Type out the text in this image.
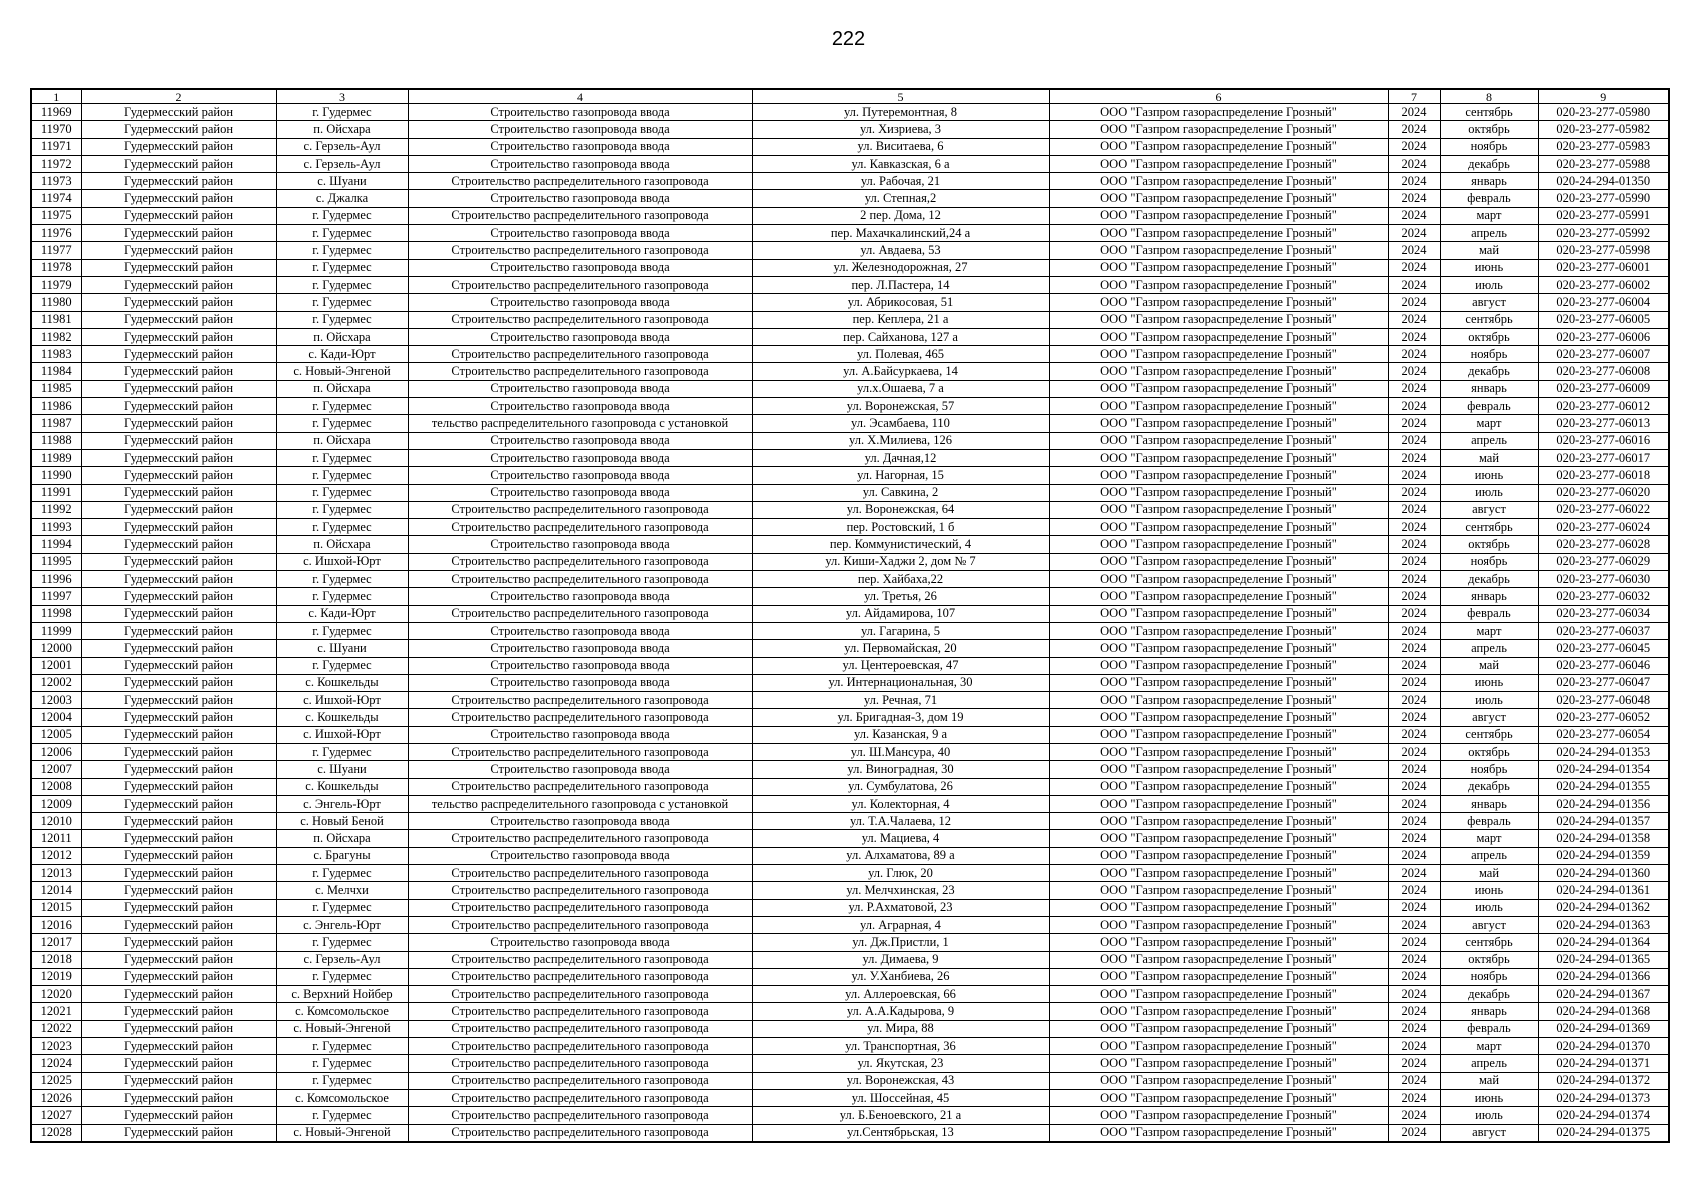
222
1	2	3	4	5	6	7	8	9
11969	Гудермесский район	г. Гудермес	Строительство газопровода ввода	ул. Путеремонтная, 8	ООО "Газпром газораспределение Грозный"	2024	сентябрь	020-23-277-05980
11970	Гудермесский район	п. Ойсхара	Строительство газопровода ввода	ул. Хизриева, 3	ООО "Газпром газораспределение Грозный"	2024	октябрь	020-23-277-05982
11971	Гудермесский район	с. Герзель-Аул	Строительство газопровода ввода	ул. Виситаева, 6	ООО "Газпром газораспределение Грозный"	2024	ноябрь	020-23-277-05983
11972	Гудермесский район	с. Герзель-Аул	Строительство газопровода ввода	ул. Кавказская, 6 а	ООО "Газпром газораспределение Грозный"	2024	декабрь	020-23-277-05988
11973	Гудермесский район	с. Шуани	Строительство распределительного газопровода	ул. Рабочая, 21	ООО "Газпром газораспределение Грозный"	2024	январь	020-24-294-01350
11974	Гудермесский район	с. Джалка	Строительство газопровода ввода	ул. Степная,2	ООО "Газпром газораспределение Грозный"	2024	февраль	020-23-277-05990
11975	Гудермесский район	г. Гудермес	Строительство распределительного газопровода	2 пер. Дома, 12	ООО "Газпром газораспределение Грозный"	2024	март	020-23-277-05991
11976	Гудермесский район	г. Гудермес	Строительство газопровода ввода	пер. Махачкалинский,24 а	ООО "Газпром газораспределение Грозный"	2024	апрель	020-23-277-05992
11977	Гудермесский район	г. Гудермес	Строительство распределительного газопровода	ул. Авдаева, 53	ООО "Газпром газораспределение Грозный"	2024	май	020-23-277-05998
11978	Гудермесский район	г. Гудермес	Строительство газопровода ввода	ул. Железнодорожная, 27	ООО "Газпром газораспределение Грозный"	2024	июнь	020-23-277-06001
11979	Гудермесский район	г. Гудермес	Строительство распределительного газопровода	пер. Л.Пастера, 14	ООО "Газпром газораспределение Грозный"	2024	июль	020-23-277-06002
11980	Гудермесский район	г. Гудермес	Строительство газопровода ввода	ул. Абрикосовая, 51	ООО "Газпром газораспределение Грозный"	2024	август	020-23-277-06004
11981	Гудермесский район	г. Гудермес	Строительство распределительного газопровода	пер. Кеплера, 21 а	ООО "Газпром газораспределение Грозный"	2024	сентябрь	020-23-277-06005
11982	Гудермесский район	п. Ойсхара	Строительство газопровода ввода	пер. Сайханова, 127 а	ООО "Газпром газораспределение Грозный"	2024	октябрь	020-23-277-06006
11983	Гудермесский район	с. Кади-Юрт	Строительство распределительного газопровода	ул. Полевая, 465	ООО "Газпром газораспределение Грозный"	2024	ноябрь	020-23-277-06007
11984	Гудермесский район	с. Новый-Энгеной	Строительство распределительного газопровода	ул. А.Байсуркаева, 14	ООО "Газпром газораспределение Грозный"	2024	декабрь	020-23-277-06008
11985	Гудермесский район	п. Ойсхара	Строительство газопровода ввода	ул.х.Ошаева, 7 а	ООО "Газпром газораспределение Грозный"	2024	январь	020-23-277-06009
11986	Гудермесский район	г. Гудермес	Строительство газопровода ввода	ул. Воронежская, 57	ООО "Газпром газораспределение Грозный"	2024	февраль	020-23-277-06012
11987	Гудермесский район	г. Гудермес	тельство распределительного газопровода с установкой	ул. Эсамбаева, 110	ООО "Газпром газораспределение Грозный"	2024	март	020-23-277-06013
11988	Гудермесский район	п. Ойсхара	Строительство газопровода ввода	ул. Х.Милиева, 126	ООО "Газпром газораспределение Грозный"	2024	апрель	020-23-277-06016
11989	Гудермесский район	г. Гудермес	Строительство газопровода ввода	ул. Дачная,12	ООО "Газпром газораспределение Грозный"	2024	май	020-23-277-06017
11990	Гудермесский район	г. Гудермес	Строительство газопровода ввода	ул. Нагорная, 15	ООО "Газпром газораспределение Грозный"	2024	июнь	020-23-277-06018
11991	Гудермесский район	г. Гудермес	Строительство газопровода ввода	ул. Савкина, 2	ООО "Газпром газораспределение Грозный"	2024	июль	020-23-277-06020
11992	Гудермесский район	г. Гудермес	Строительство распределительного газопровода	ул. Воронежская, 64	ООО "Газпром газораспределение Грозный"	2024	август	020-23-277-06022
11993	Гудермесский район	г. Гудермес	Строительство распределительного газопровода	пер. Ростовский, 1 б	ООО "Газпром газораспределение Грозный"	2024	сентябрь	020-23-277-06024
11994	Гудермесский район	п. Ойсхара	Строительство газопровода ввода	пер. Коммунистический, 4	ООО "Газпром газораспределение Грозный"	2024	октябрь	020-23-277-06028
11995	Гудермесский район	с. Ишхой-Юрт	Строительство распределительного газопровода	ул. Киши-Хаджи 2, дом № 7	ООО "Газпром газораспределение Грозный"	2024	ноябрь	020-23-277-06029
11996	Гудермесский район	г. Гудермес	Строительство распределительного газопровода	пер. Хайбаха,22	ООО "Газпром газораспределение Грозный"	2024	декабрь	020-23-277-06030
11997	Гудермесский район	г. Гудермес	Строительство газопровода ввода	ул. Третья, 26	ООО "Газпром газораспределение Грозный"	2024	январь	020-23-277-06032
11998	Гудермесский район	с. Кади-Юрт	Строительство распределительного газопровода	ул. Айдамирова, 107	ООО "Газпром газораспределение Грозный"	2024	февраль	020-23-277-06034
11999	Гудермесский район	г. Гудермес	Строительство газопровода ввода	ул. Гагарина, 5	ООО "Газпром газораспределение Грозный"	2024	март	020-23-277-06037
12000	Гудермесский район	с. Шуани	Строительство газопровода ввода	ул. Первомайская, 20	ООО "Газпром газораспределение Грозный"	2024	апрель	020-23-277-06045
12001	Гудермесский район	г. Гудермес	Строительство газопровода ввода	ул. Центероевская, 47	ООО "Газпром газораспределение Грозный"	2024	май	020-23-277-06046
12002	Гудермесский район	с. Кошкельды	Строительство газопровода ввода	ул. Интернациональная, 30	ООО "Газпром газораспределение Грозный"	2024	июнь	020-23-277-06047
12003	Гудермесский район	с. Ишхой-Юрт	Строительство распределительного газопровода	ул. Речная, 71	ООО "Газпром газораспределение Грозный"	2024	июль	020-23-277-06048
12004	Гудермесский район	с. Кошкельды	Строительство распределительного газопровода	ул. Бригадная-3, дом 19	ООО "Газпром газораспределение Грозный"	2024	август	020-23-277-06052
12005	Гудермесский район	с. Ишхой-Юрт	Строительство газопровода ввода	ул. Казанская, 9 а	ООО "Газпром газораспределение Грозный"	2024	сентябрь	020-23-277-06054
12006	Гудермесский район	г. Гудермес	Строительство распределительного газопровода	ул. Ш.Мансура, 40	ООО "Газпром газораспределение Грозный"	2024	октябрь	020-24-294-01353
12007	Гудермесский район	с. Шуани	Строительство газопровода ввода	ул. Виноградная, 30	ООО "Газпром газораспределение Грозный"	2024	ноябрь	020-24-294-01354
12008	Гудермесский район	с. Кошкельды	Строительство распределительного газопровода	ул. Сумбулатова, 26	ООО "Газпром газораспределение Грозный"	2024	декабрь	020-24-294-01355
12009	Гудермесский район	с. Энгель-Юрт	тельство распределительного газопровода с установкой	ул. Колекторная, 4	ООО "Газпром газораспределение Грозный"	2024	январь	020-24-294-01356
12010	Гудермесский район	с. Новый Беной	Строительство газопровода ввода	ул. Т.А.Чалаева, 12	ООО "Газпром газораспределение Грозный"	2024	февраль	020-24-294-01357
12011	Гудермесский район	п. Ойсхара	Строительство распределительного газопровода	ул. Мациева, 4	ООО "Газпром газораспределение Грозный"	2024	март	020-24-294-01358
12012	Гудермесский район	с. Брагуны	Строительство газопровода ввода	ул. Алхаматова, 89 а	ООО "Газпром газораспределение Грозный"	2024	апрель	020-24-294-01359
12013	Гудермесский район	г. Гудермес	Строительство распределительного газопровода	ул. Глюк, 20	ООО "Газпром газораспределение Грозный"	2024	май	020-24-294-01360
12014	Гудермесский район	с. Мелчхи	Строительство распределительного газопровода	ул. Мелчхинская, 23	ООО "Газпром газораспределение Грозный"	2024	июнь	020-24-294-01361
12015	Гудермесский район	г. Гудермес	Строительство распределительного газопровода	ул. Р.Ахматовой, 23	ООО "Газпром газораспределение Грозный"	2024	июль	020-24-294-01362
12016	Гудермесский район	с. Энгель-Юрт	Строительство распределительного газопровода	ул. Аграрная, 4	ООО "Газпром газораспределение Грозный"	2024	август	020-24-294-01363
12017	Гудермесский район	г. Гудермес	Строительство газопровода ввода	ул. Дж.Пристли, 1	ООО "Газпром газораспределение Грозный"	2024	сентябрь	020-24-294-01364
12018	Гудермесский район	с. Герзель-Аул	Строительство распределительного газопровода	ул. Димаева, 9	ООО "Газпром газораспределение Грозный"	2024	октябрь	020-24-294-01365
12019	Гудермесский район	г. Гудермес	Строительство распределительного газопровода	ул. У.Ханбиева, 26	ООО "Газпром газораспределение Грозный"	2024	ноябрь	020-24-294-01366
12020	Гудермесский район	с. Верхний Нойбер	Строительство распределительного газопровода	ул. Аллероевская, 66	ООО "Газпром газораспределение Грозный"	2024	декабрь	020-24-294-01367
12021	Гудермесский район	с. Комсомольское	Строительство распределительного газопровода	ул. А.А.Кадырова, 9	ООО "Газпром газораспределение Грозный"	2024	январь	020-24-294-01368
12022	Гудермесский район	с. Новый-Энгеной	Строительство распределительного газопровода	ул. Мира, 88	ООО "Газпром газораспределение Грозный"	2024	февраль	020-24-294-01369
12023	Гудермесский район	г. Гудермес	Строительство распределительного газопровода	ул. Транспортная, 36	ООО "Газпром газораспределение Грозный"	2024	март	020-24-294-01370
12024	Гудермесский район	г. Гудермес	Строительство распределительного газопровода	ул. Якутская, 23	ООО "Газпром газораспределение Грозный"	2024	апрель	020-24-294-01371
12025	Гудермесский район	г. Гудермес	Строительство распределительного газопровода	ул. Воронежская, 43	ООО "Газпром газораспределение Грозный"	2024	май	020-24-294-01372
12026	Гудермесский район	с. Комсомольское	Строительство распределительного газопровода	ул. Шоссейная, 45	ООО "Газпром газораспределение Грозный"	2024	июнь	020-24-294-01373
12027	Гудермесский район	г. Гудермес	Строительство распределительного газопровода	ул. Б.Беноевского, 21 а	ООО "Газпром газораспределение Грозный"	2024	июль	020-24-294-01374
12028	Гудермесский район	с. Новый-Энгеной	Строительство распределительного газопровода	ул.Сентябрьская, 13	ООО "Газпром газораспределение Грозный"	2024	август	020-24-294-01375
